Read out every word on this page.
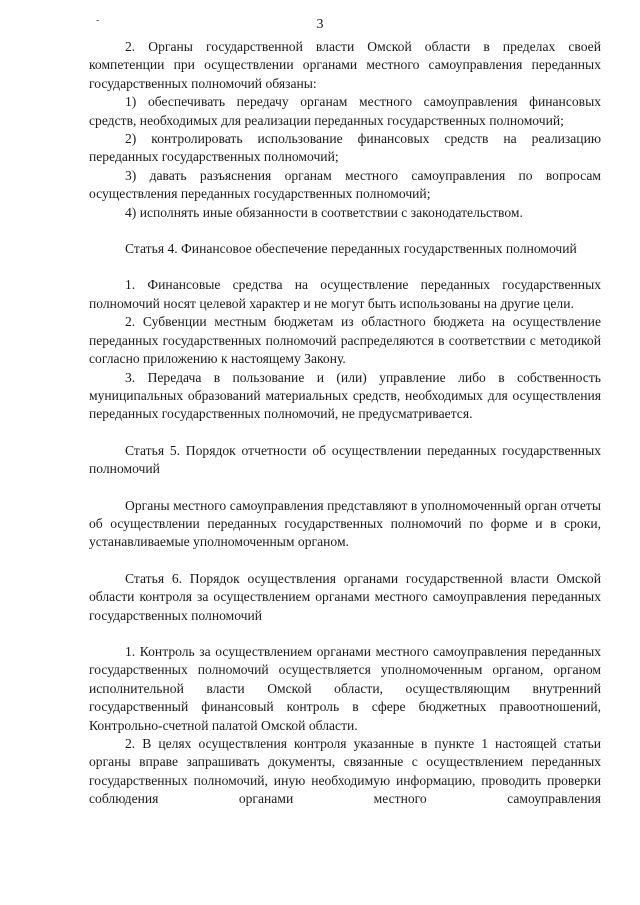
-	3

2. Органы государственной власти Омской области в пределах своей компетенции при осуществлении органами местного самоуправления переданных государственных полномочий обязаны:

1) обеспечивать передачу органам местного самоуправления финансовых средств, необходимых для реализации переданных государственных полномочий;

2) контролировать использование финансовых средств на реализацию переданных государственных полномочий;

3) давать разъяснения органам местного самоуправления по вопросам осуществления переданных государственных полномочий;

4) исполнять иные обязанности в соответствии с законодательством.

Статья 4. Финансовое обеспечение переданных государственных полномочий

1. Финансовые средства на осуществление переданных государственных полномочий носят целевой характер и не могут быть использованы на другие цели.

2. Субвенции местным бюджетам из областного бюджета на осуществление переданных государственных полномочий распределяются в соответствии с методикой согласно приложению к настоящему Закону.

3. Передача в пользование и (или) управление либо в собственность муниципальных образований материальных средств, необходимых для осуществления переданных государственных полномочий, не предусматривается.

Статья 5. Порядок отчетности об осуществлении переданных государственных полномочий

Органы местного самоуправления представляют в уполномоченный орган отчеты об осуществлении переданных государственных полномочий по форме и в сроки, устанавливаемые уполномоченным органом.

Статья 6. Порядок осуществления органами государственной власти Омской области контроля за осуществлением органами местного самоуправления переданных государственных полномочий

1. Контроль за осуществлением органами местного самоуправления переданных государственных полномочий осуществляется уполномоченным органом, органом исполнительной власти Омской области, осуществляющим внутренний государственный финансовый контроль в сфере бюджетных правоотношений, Контрольно-счетной палатой Омской области.

2. В целях осуществления контроля указанные в пункте 1 настоящей статьи органы вправе запрашивать документы, связанные с осуществлением переданных государственных полномочий, иную необходимую информацию, проводить проверки соблюдения органами местного самоуправления
